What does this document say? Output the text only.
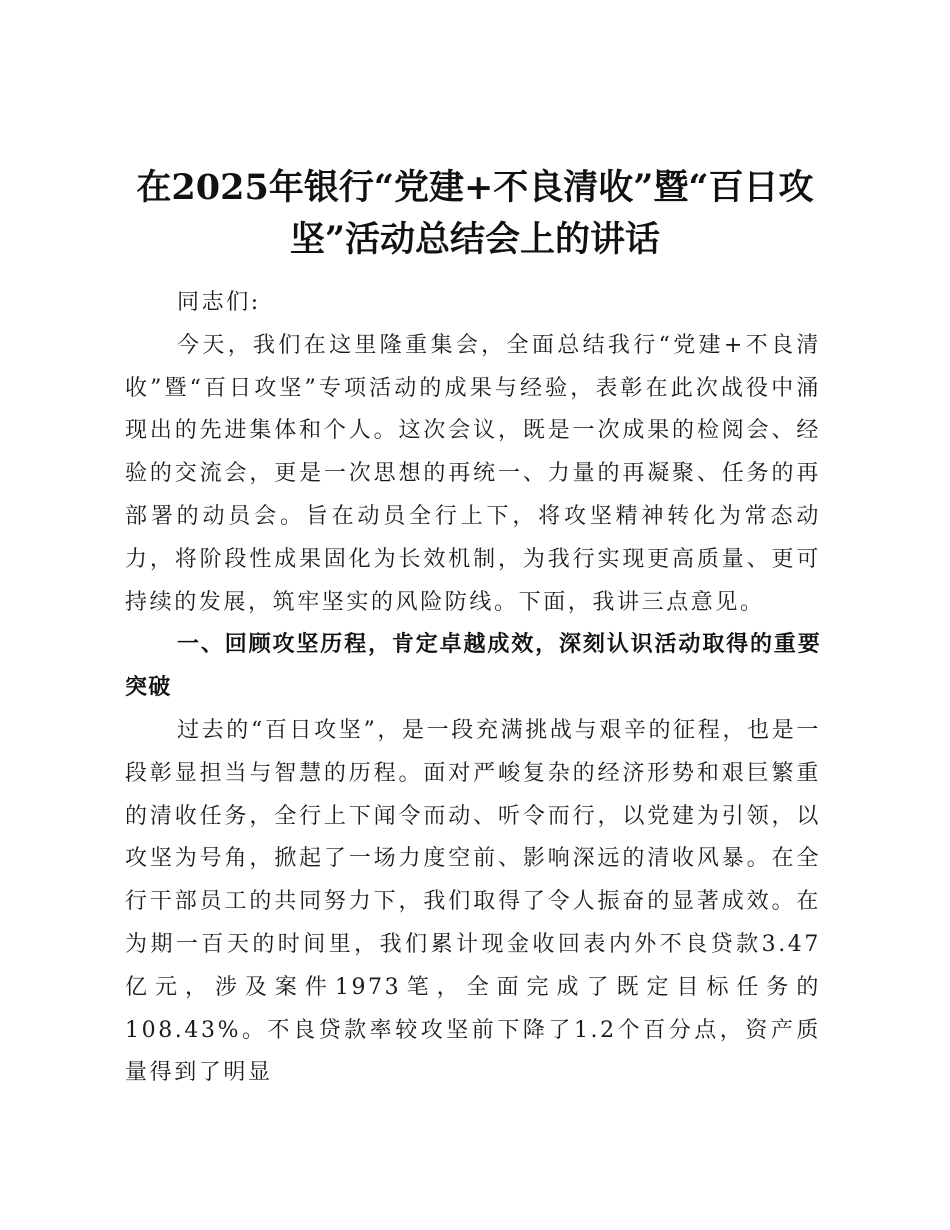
在2025年银行“党建+不良清收”暨“百日攻坚”活动总结会上的讲话

同志们:

今天，我们在这里隆重集会，全面总结我行“党建+不良清收”暨“百日攻坚”专项活动的成果与经验，表彰在此次战役中涌现出的先进集体和个人。这次会议，既是一次成果的检阅会、经验的交流会，更是一次思想的再统一、力量的再凝聚、任务的再部署的动员会。旨在动员全行上下，将攻坚精神转化为常态动力，将阶段性成果固化为长效机制，为我行实现更高质量、更可持续的发展，筑牢坚实的风险防线。下面，我讲三点意见。

一、回顾攻坚历程，肯定卓越成效，深刻认识活动取得的重要突破

过去的“百日攻坚”，是一段充满挑战与艰辛的征程，也是一段彰显担当与智慧的历程。面对严峻复杂的经济形势和艰巨繁重的清收任务，全行上下闻令而动、听令而行，以党建为引领，以攻坚为号角，掀起了一场力度空前、影响深远的清收风暴。在全行干部员工的共同努力下，我们取得了令人振奋的显著成效。在为期一百天的时间里，我们累计现金收回表内外不良贷款3.47亿元，涉及案件1973笔，全面完成了既定目标任务的108.43%。不良贷款率较攻坚前下降了1.2个百分点，资产质量得到了明显
